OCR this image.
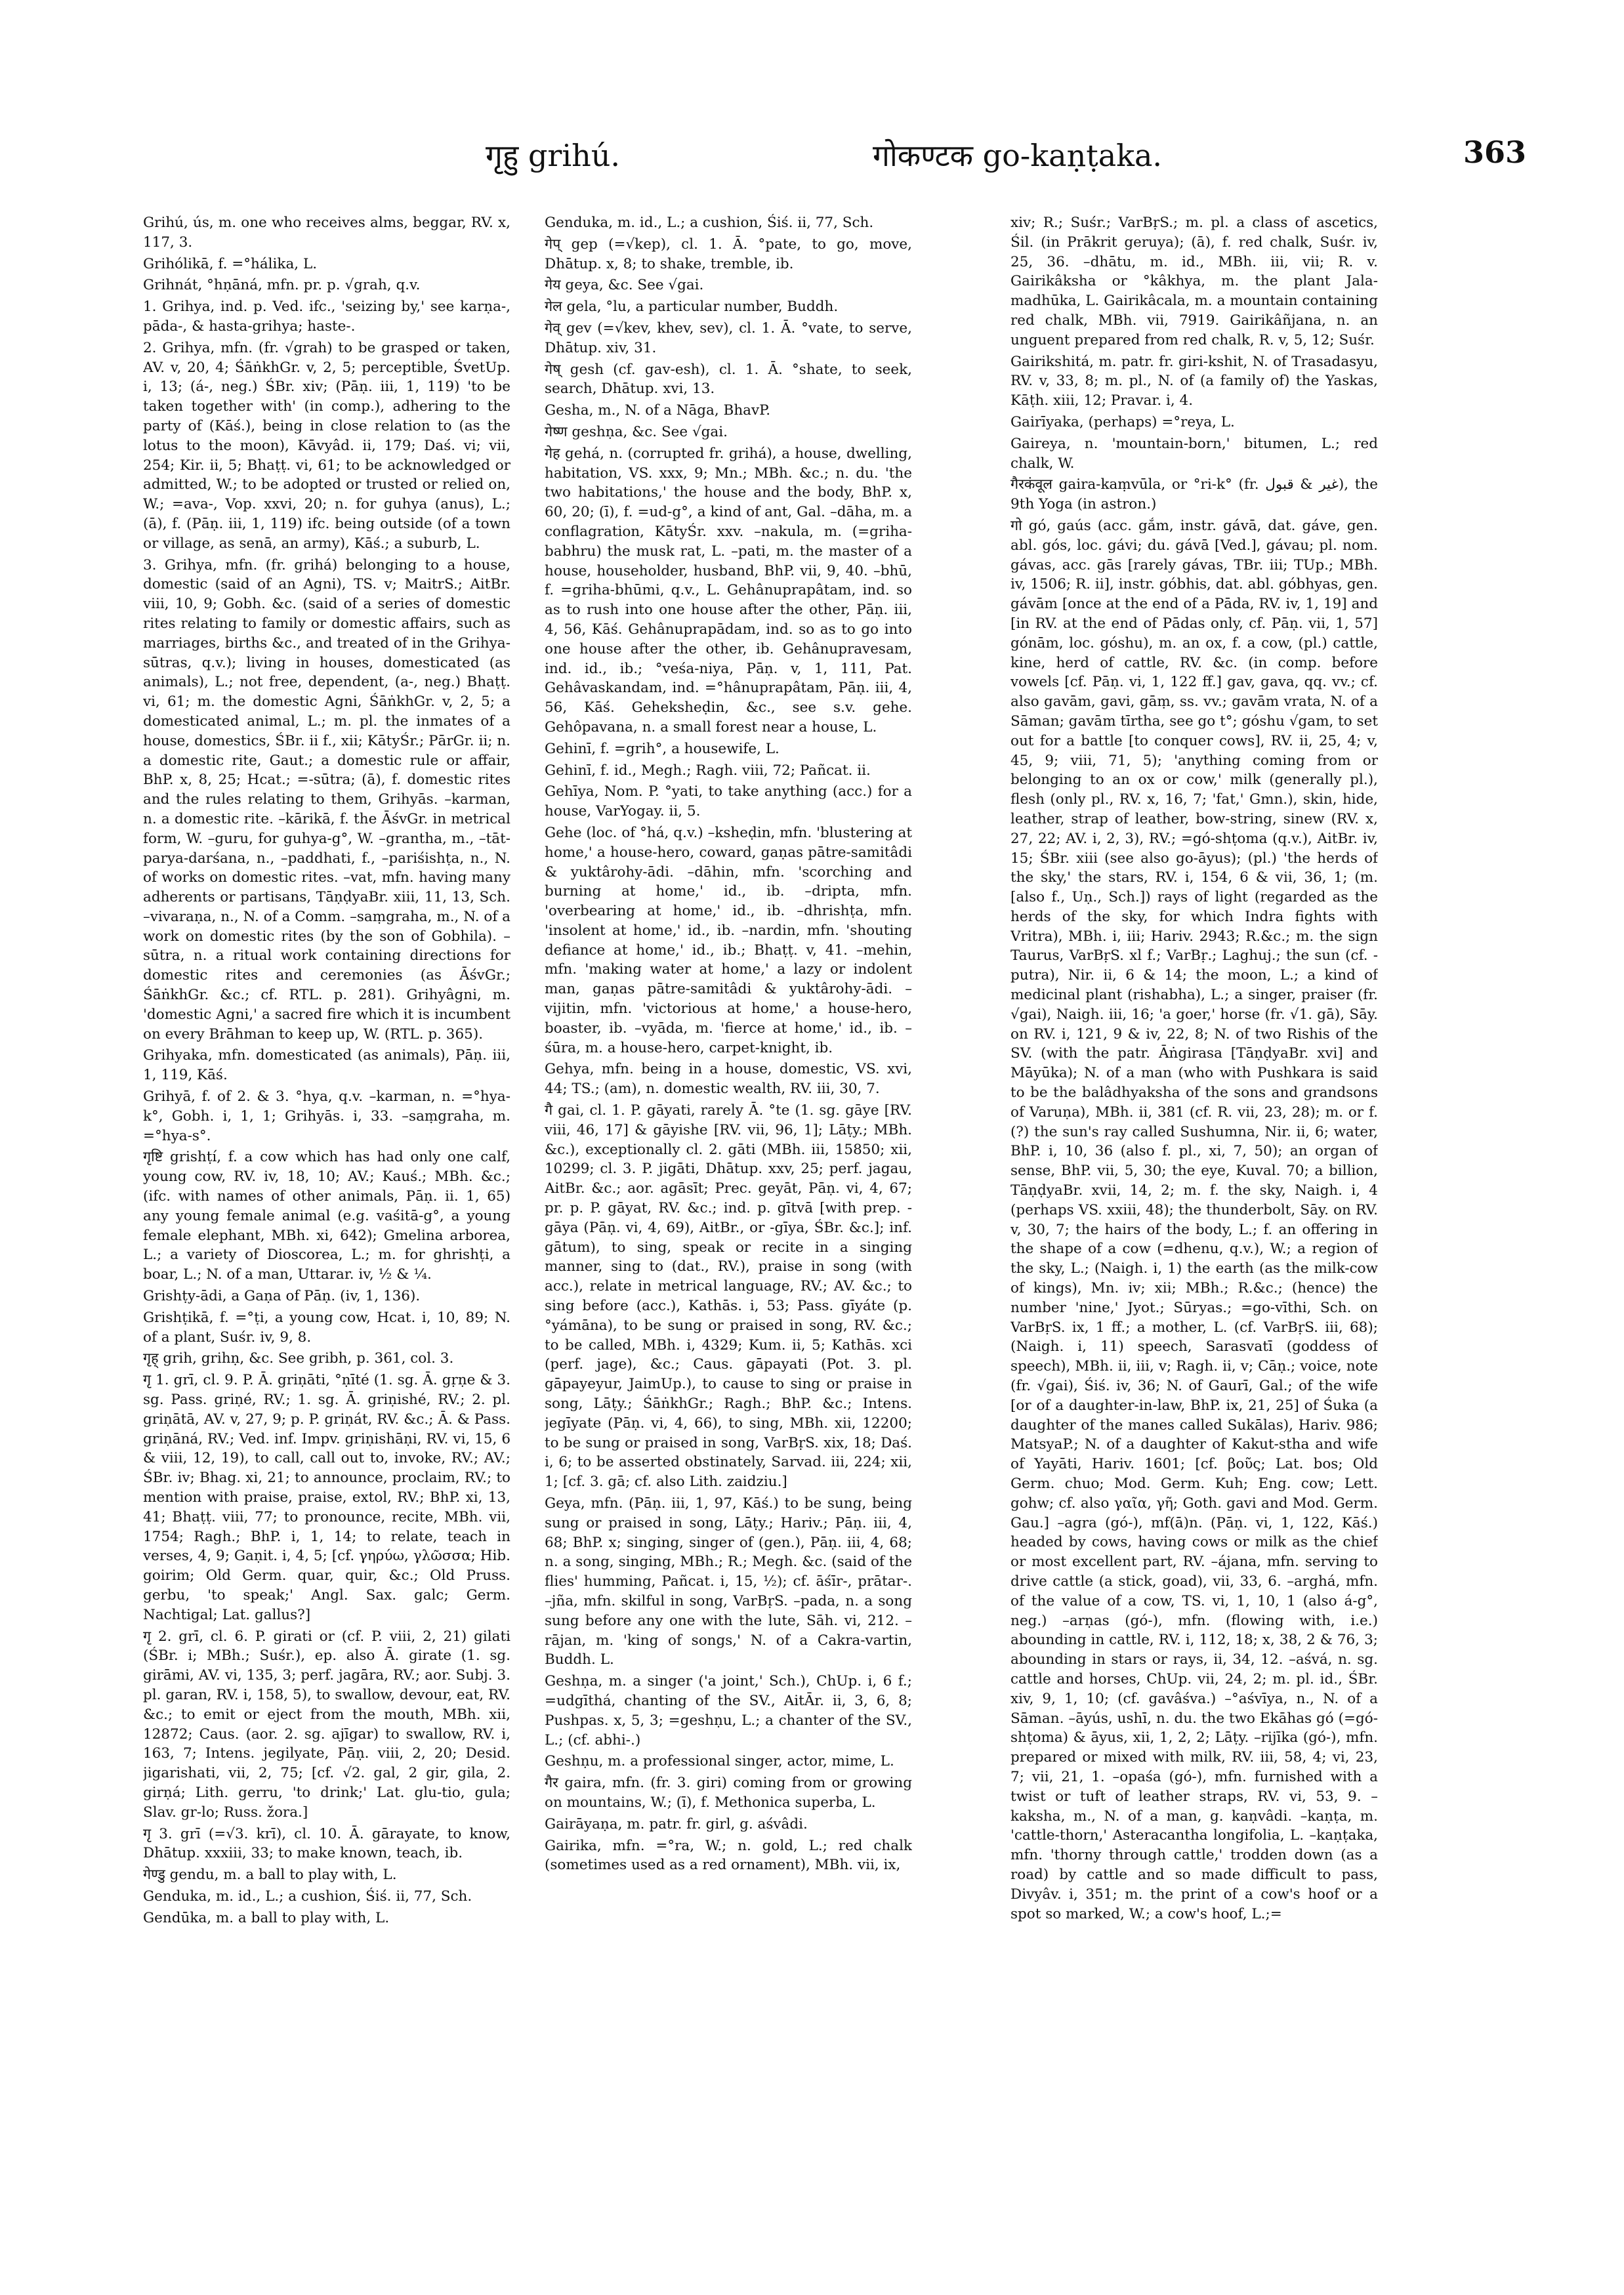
गृहु grihú.	गोकण्टक go-kaṇṭaka.	363

Grihú, ús, m. one who receives alms, beggar, RV. x, 117, 3.

Grihólikā, f. =°hálika, L.

Grihnát, °hṇāná, mfn. pr. p. √grah, q.v.

1. Grihya, ind. p. Ved. ifc., 'seizing by,' see karṇa-, pāda-, & hasta-grihya; haste-.

2. Grihya, mfn. (fr. √grah) to be grasped or taken, AV. v, 20, 4; ŚāṅkhGr. v, 2, 5; perceptible, ŚvetUp. i, 13; (á-, neg.) ŚBr. xiv; (Pāṇ. iii, 1, 119) 'to be taken together with' (in comp.), adhering to the party of (Kāś.), being in close relation to (as the lotus to the moon), Kāvyâd. ii, 179; Daś. vi; vii, 254; Kir. ii, 5; Bhaṭṭ. vi, 61; to be acknowledged or admitted, W.; to be adopted or trusted or relied on, W.; =ava-, Vop. xxvi, 20; n. for guhya (anus), L.; (ā), f. (Pāṇ. iii, 1, 119) ifc. being outside (of a town or village, as senā, an army), Kāś.; a suburb, L.

3. Grihya, mfn. (fr. grihá) belonging to a house, domestic (said of an Agni), TS. v; MaitrS.; AitBr. viii, 10, 9; Gobh. &c. (said of a series of domestic rites relating to family or domestic affairs, such as marriages, births &c., and treated of in the Grihya-sūtras, q.v.); living in houses, domesticated (as animals), L.; not free, dependent, (a-, neg.) Bhaṭṭ. vi, 61; m. the domestic Agni, ŚāṅkhGr. v, 2, 5; a domesticated animal, L.; m. pl. the inmates of a house, domestics, ŚBr. ii f., xii; KātyŚr.; PārGr. ii; n. a domestic rite, Gaut.; a domestic rule or affair, BhP. x, 8, 25; Hcat.; =-sūtra; (ā), f. domestic rites and the rules relating to them, Grihyās. –karman, n. a domestic rite. –kārikā, f. the ĀśvGr. in metrical form, W. –guru, for guhya-g°, W. –grantha, m., –tāt-parya-darśana, n., –paddhati, f., –pariśishṭa, n., N. of works on domestic rites. –vat, mfn. having many adherents or partisans, TāṇḍyaBr. xiii, 11, 13, Sch. –vivaraṇa, n., N. of a Comm. –saṃgraha, m., N. of a work on domestic rites (by the son of Gobhila). –sūtra, n. a ritual work containing directions for domestic rites and ceremonies (as ĀśvGr.; ŚāṅkhGr. &c.; cf. RTL. p. 281). Grihyâgni, m. 'domestic Agni,' a sacred fire which it is incumbent on every Brāhman to keep up, W. (RTL. p. 365).

Grihyaka, mfn. domesticated (as animals), Pāṇ. iii, 1, 119, Kāś.

Grihyā, f. of 2. & 3. °hya, q.v. –karman, n. =°hya-k°, Gobh. i, 1, 1; Grihyās. i, 33. –saṃgraha, m. =°hya-s°.

गृष्टि grishṭí, f. a cow which has had only one calf, young cow, RV. iv, 18, 10; AV.; Kauś.; MBh. &c.; (ifc. with names of other animals, Pāṇ. ii. 1, 65) any young female animal (e.g. vaśitā-g°, a young female elephant, MBh. xi, 642); Gmelina arborea, L.; a variety of Dioscorea, L.; m. for ghrishṭi, a boar, L.; N. of a man, Uttarar. iv, ½ & ¼.

Grishṭy-ādi, a Gaṇa of Pāṇ. (iv, 1, 136).

Grishṭikā, f. =°ṭi, a young cow, Hcat. i, 10, 89; N. of a plant, Suśr. iv, 9, 8.

गृह् grih, grihṇ, &c. See gribh, p. 361, col. 3.

गृ 1. grī, cl. 9. P. Ā. griṇāti, °ṇīté (1. sg. Ā. gṛṇe & 3. sg. Pass. griṇé, RV.; 1. sg. Ā. griṇishé, RV.; 2. pl. griṇātā, AV. v, 27, 9; p. P. griṇát, RV. &c.; Ā. & Pass. griṇāná, RV.; Ved. inf. Impv. griṇishāṇi, RV. vi, 15, 6 & viii, 12, 19), to call, call out to, invoke, RV.; AV.; ŚBr. iv; Bhag. xi, 21; to announce, proclaim, RV.; to mention with praise, praise, extol, RV.; BhP. xi, 13, 41; Bhaṭṭ. viii, 77; to pronounce, recite, MBh. vii, 1754; Ragh.; BhP. i, 1, 14; to relate, teach in verses, 4, 9; Gaṇit. i, 4, 5; [cf. γηρύω, γλῶσσα; Hib. goirim; Old Germ. quar, quir, &c.; Old Pruss. gerbu, 'to speak;' Angl. Sax. galc; Germ. Nachtigal; Lat. gallus?]

गृ 2. grī, cl. 6. P. girati or (cf. P. viii, 2, 21) gilati (ŚBr. i; MBh.; Suśr.), ep. also Ā. girate (1. sg. girāmi, AV. vi, 135, 3; perf. jagāra, RV.; aor. Subj. 3. pl. garan, RV. i, 158, 5), to swallow, devour, eat, RV. &c.; to emit or eject from the mouth, MBh. xii, 12872; Caus. (aor. 2. sg. ajīgar) to swallow, RV. i, 163, 7; Intens. jegilyate, Pāṇ. viii, 2, 20; Desid. jigarishati, vii, 2, 75; [cf. √2. gal, 2 gir, gila, 2. girṇá; Lith. gerru, 'to drink;' Lat. glu-tio, gula; Slav. gr-lo; Russ. žora.]

गृ 3. grī (=√3. krī), cl. 10. Ā. gārayate, to know, Dhātup. xxxiii, 33; to make known, teach, ib.

गेण्डु gendu, m. a ball to play with, L.

Genduka, m. id., L.; a cushion, Śiś. ii, 77, Sch.

Gendūka, m. a ball to play with, L.

Genduka, m. id., L.; a cushion, Śiś. ii, 77, Sch.

गेप् gep (=√kep), cl. 1. Ā. °pate, to go, move, Dhātup. x, 8; to shake, tremble, ib.

गेय geya, &c. See √gai.

गेल gela, °lu, a particular number, Buddh.

गेव् gev (=√kev, khev, sev), cl. 1. Ā. °vate, to serve, Dhātup. xiv, 31.

गेष् gesh (cf. gav-esh), cl. 1. Ā. °shate, to seek, search, Dhātup. xvi, 13.

Gesha, m., N. of a Nāga, BhavP.

गेष्ण geshṇa, &c. See √gai.

गेह gehá, n. (corrupted fr. grihá), a house, dwelling, habitation, VS. xxx, 9; Mn.; MBh. &c.; n. du. 'the two habitations,' the house and the body, BhP. x, 60, 20; (ī), f. =ud-g°, a kind of ant, Gal. –dāha, m. a conflagration, KātyŚr. xxv. –nakula, m. (=griha-babhru) the musk rat, L. –pati, m. the master of a house, householder, husband, BhP. vii, 9, 40. –bhū, f. =griha-bhūmi, q.v., L. Gehânuprapâtam, ind. so as to rush into one house after the other, Pāṇ. iii, 4, 56, Kāś. Gehânuprapādam, ind. so as to go into one house after the other, ib. Gehânupravesam, ind. id., ib.; °veśa-niya, Pāṇ. v, 1, 111, Pat. Gehâvaskandam, ind. =°hânuprapâtam, Pāṇ. iii, 4, 56, Kāś. Geheksheḍin, &c., see s.v. gehe. Gehôpavana, n. a small forest near a house, L.

Gehinī, f. =grih°, a housewife, L.

Gehinī, f. id., Megh.; Ragh. viii, 72; Pañcat. ii.

Gehīya, Nom. P. °yati, to take anything (acc.) for a house, VarYogay. ii, 5.

Gehe (loc. of °há, q.v.) –ksheḍin, mfn. 'blustering at home,' a house-hero, coward, gaṇas pātre-samitâdi & yuktârohy-ādi. –dāhin, mfn. 'scorching and burning at home,' id., ib. –dripta, mfn. 'overbearing at home,' id., ib. –dhrishṭa, mfn. 'insolent at home,' id., ib. –nardin, mfn. 'shouting defiance at home,' id., ib.; Bhaṭṭ. v, 41. –mehin, mfn. 'making water at home,' a lazy or indolent man, gaṇas pātre-samitâdi & yuktârohy-ādi. –vijitin, mfn. 'victorious at home,' a house-hero, boaster, ib. –vyāda, m. 'fierce at home,' id., ib. –śūra, m. a house-hero, carpet-knight, ib.

Gehya, mfn. being in a house, domestic, VS. xvi, 44; TS.; (am), n. domestic wealth, RV. iii, 30, 7.

गै gai, cl. 1. P. gāyati, rarely Ā. °te (1. sg. gāye [RV. viii, 46, 17] & gāyishe [RV. vii, 96, 1]; Lāṭy.; MBh. &c.), exceptionally cl. 2. gāti (MBh. iii, 15850; xii, 10299; cl. 3. P. jigāti, Dhātup. xxv, 25; perf. jagau, AitBr. &c.; aor. agāsīt; Prec. geyāt, Pāṇ. vi, 4, 67; pr. p. P. gāyat, RV. &c.; ind. p. gītvā [with prep. -gāya (Pāṇ. vi, 4, 69), AitBr., or -gīya, ŚBr. &c.]; inf. gātum), to sing, speak or recite in a singing manner, sing to (dat., RV.), praise in song (with acc.), relate in metrical language, RV.; AV. &c.; to sing before (acc.), Kathās. i, 53; Pass. gīyáte (p. °yámāna), to be sung or praised in song, RV. &c.; to be called, MBh. i, 4329; Kum. ii, 5; Kathās. xci (perf. jage), &c.; Caus. gāpayati (Pot. 3. pl. gāpayeyur, JaimUp.), to cause to sing or praise in song, Lāṭy.; ŚāṅkhGr.; Ragh.; BhP. &c.; Intens. jegīyate (Pāṇ. vi, 4, 66), to sing, MBh. xii, 12200; to be sung or praised in song, VarBṛS. xix, 18; Daś. i, 6; to be asserted obstinately, Sarvad. iii, 224; xii, 1; [cf. 3. gā; cf. also Lith. zaidziu.]

Geya, mfn. (Pāṇ. iii, 1, 97, Kāś.) to be sung, being sung or praised in song, Lāṭy.; Hariv.; Pāṇ. iii, 4, 68; BhP. x; singing, singer of (gen.), Pāṇ. iii, 4, 68; n. a song, singing, MBh.; R.; Megh. &c. (said of the flies' humming, Pañcat. i, 15, ½); cf. āśīr-, prātar-. –jña, mfn. skilful in song, VarBṛS. –pada, n. a song sung before any one with the lute, Sāh. vi, 212. –rājan, m. 'king of songs,' N. of a Cakra-vartin, Buddh. L.

Geshṇa, m. a singer ('a joint,' Sch.), ChUp. i, 6 f.; =udgīthá, chanting of the SV., AitĀr. ii, 3, 6, 8; Pushpas. x, 5, 3; =geshṇu, L.; a chanter of the SV., L.; (cf. abhi-.)

Geshṇu, m. a professional singer, actor, mime, L.

गैर gaira, mfn. (fr. 3. giri) coming from or growing on mountains, W.; (ī), f. Methonica superba, L.

Gairāyaṇa, m. patr. fr. girl, g. aśvâdi.

Gairika, mfn. =°ra, W.; n. gold, L.; red chalk (sometimes used as a red ornament), MBh. vii, ix,

xiv; R.; Suśr.; VarBṛS.; m. pl. a class of ascetics, Śil. (in Prākrit geruya); (ā), f. red chalk, Suśr. iv, 25, 36. –dhātu, m. id., MBh. iii, vii; R. v. Gairikâksha or °kâkhya, m. the plant Jala-madhūka, L. Gairikâcala, m. a mountain containing red chalk, MBh. vii, 7919. Gairikâñjana, n. an unguent prepared from red chalk, R. v, 5, 12; Suśr.

Gairikshitá, m. patr. fr. giri-kshit, N. of Trasadasyu, RV. v, 33, 8; m. pl., N. of (a family of) the Yaskas, Kāṭh. xiii, 12; Pravar. i, 4.

Gairīyaka, (perhaps) =°reya, L.

Gaireya, n. 'mountain-born,' bitumen, L.; red chalk, W.

गैरकंवूल gaira-kaṃvūla, or °ri-k° (fr. غير & قبول), the 9th Yoga (in astron.)

गो gó, gaús (acc. gắm, instr. gávā, dat. gáve, gen. abl. gós, loc. gávi; du. gávā [Ved.], gávau; pl. nom. gávas, acc. gās [rarely gávas, TBr. iii; TUp.; MBh. iv, 1506; R. ii], instr. góbhis, dat. abl. góbhyas, gen. gávām [once at the end of a Pāda, RV. iv, 1, 19] and [in RV. at the end of Pādas only, cf. Pāṇ. vii, 1, 57] gónām, loc. góshu), m. an ox, f. a cow, (pl.) cattle, kine, herd of cattle, RV. &c. (in comp. before vowels [cf. Pāṇ. vi, 1, 122 ff.] gav, gava, qq. vv.; cf. also gavām, gavi, gāṃ, ss. vv.; gavām vrata, N. of a Sāman; gavām tīrtha, see go t°; góshu √gam, to set out for a battle [to conquer cows], RV. ii, 25, 4; v, 45, 9; viii, 71, 5); 'anything coming from or belonging to an ox or cow,' milk (generally pl.), flesh (only pl., RV. x, 16, 7; 'fat,' Gmn.), skin, hide, leather, strap of leather, bow-string, sinew (RV. x, 27, 22; AV. i, 2, 3), RV.; =gó-shṭoma (q.v.), AitBr. iv, 15; ŚBr. xiii (see also go-āyus); (pl.) 'the herds of the sky,' the stars, RV. i, 154, 6 & vii, 36, 1; (m. [also f., Uṇ., Sch.]) rays of light (regarded as the herds of the sky, for which Indra fights with Vritra), MBh. i, iii; Hariv. 2943; R.&c.; m. the sign Taurus, VarBṛS. xl f.; VarBṛ.; Laghuj.; the sun (cf. -putra), Nir. ii, 6 & 14; the moon, L.; a kind of medicinal plant (rishabha), L.; a singer, praiser (fr. √gai), Naigh. iii, 16; 'a goer,' horse (fr. √1. gā), Sāy. on RV. i, 121, 9 & iv, 22, 8; N. of two Rishis of the SV. (with the patr. Āṅgirasa [TāṇḍyaBr. xvi] and Māyūka); N. of a man (who with Pushkara is said to be the balâdhyaksha of the sons and grandsons of Varuṇa), MBh. ii, 381 (cf. R. vii, 23, 28); m. or f. (?) the sun's ray called Sushumna, Nir. ii, 6; water, BhP. i, 10, 36 (also f. pl., xi, 7, 50); an organ of sense, BhP. vii, 5, 30; the eye, Kuval. 70; a billion, TāṇḍyaBr. xvii, 14, 2; m. f. the sky, Naigh. i, 4 (perhaps VS. xxiii, 48); the thunderbolt, Sāy. on RV. v, 30, 7; the hairs of the body, L.; f. an offering in the shape of a cow (=dhenu, q.v.), W.; a region of the sky, L.; (Naigh. i, 1) the earth (as the milk-cow of kings), Mn. iv; xii; MBh.; R.&c.; (hence) the number 'nine,' Jyot.; Sūryas.; =go-vīthi, Sch. on VarBṛS. ix, 1 ff.; a mother, L. (cf. VarBṛS. iii, 68); (Naigh. i, 11) speech, Sarasvatī (goddess of speech), MBh. ii, iii, v; Ragh. ii, v; Cāṇ.; voice, note (fr. √gai), Śiś. iv, 36; N. of Gaurī, Gal.; of the wife [or of a daughter-in-law, BhP. ix, 21, 25] of Śuka (a daughter of the manes called Sukālas), Hariv. 986; MatsyaP.; N. of a daughter of Kakut-stha and wife of Yayāti, Hariv. 1601; [cf. βοῦς; Lat. bos; Old Germ. chuo; Mod. Germ. Kuh; Eng. cow; Lett. gohw; cf. also γαῖα, γῆ; Goth. gavi and Mod. Germ. Gau.] –agra (gó-), mf(ā)n. (Pāṇ. vi, 1, 122, Kāś.) headed by cows, having cows or milk as the chief or most excellent part, RV. –ájana, mfn. serving to drive cattle (a stick, goad), vii, 33, 6. –arghá, mfn. of the value of a cow, TS. vi, 1, 10, 1 (also á-g°, neg.) –arṇas (gó-), mfn. (flowing with, i.e.) abounding in cattle, RV. i, 112, 18; x, 38, 2 & 76, 3; abounding in stars or rays, ii, 34, 12. –aśvá, n. sg. cattle and horses, ChUp. vii, 24, 2; m. pl. id., ŚBr. xiv, 9, 1, 10; (cf. gavâśva.) –°aśvīya, n., N. of a Sāman. –āyús, ushī, n. du. the two Ekāhas gó (=gó-shṭoma) & āyus, xii, 1, 2, 2; Lāṭy. –rijīka (gó-), mfn. prepared or mixed with milk, RV. iii, 58, 4; vi, 23, 7; vii, 21, 1. –opaśa (gó-), mfn. furnished with a twist or tuft of leather straps, RV. vi, 53, 9. –kaksha, m., N. of a man, g. kaṇvâdi. –kaṇṭa, m. 'cattle-thorn,' Asteracantha longifolia, L. –kaṇṭaka, mfn. 'thorny through cattle,' trodden down (as a road) by cattle and so made difficult to pass, Divyâv. i, 351; m. the print of a cow's hoof or a spot so marked, W.; a cow's hoof, L.;=
